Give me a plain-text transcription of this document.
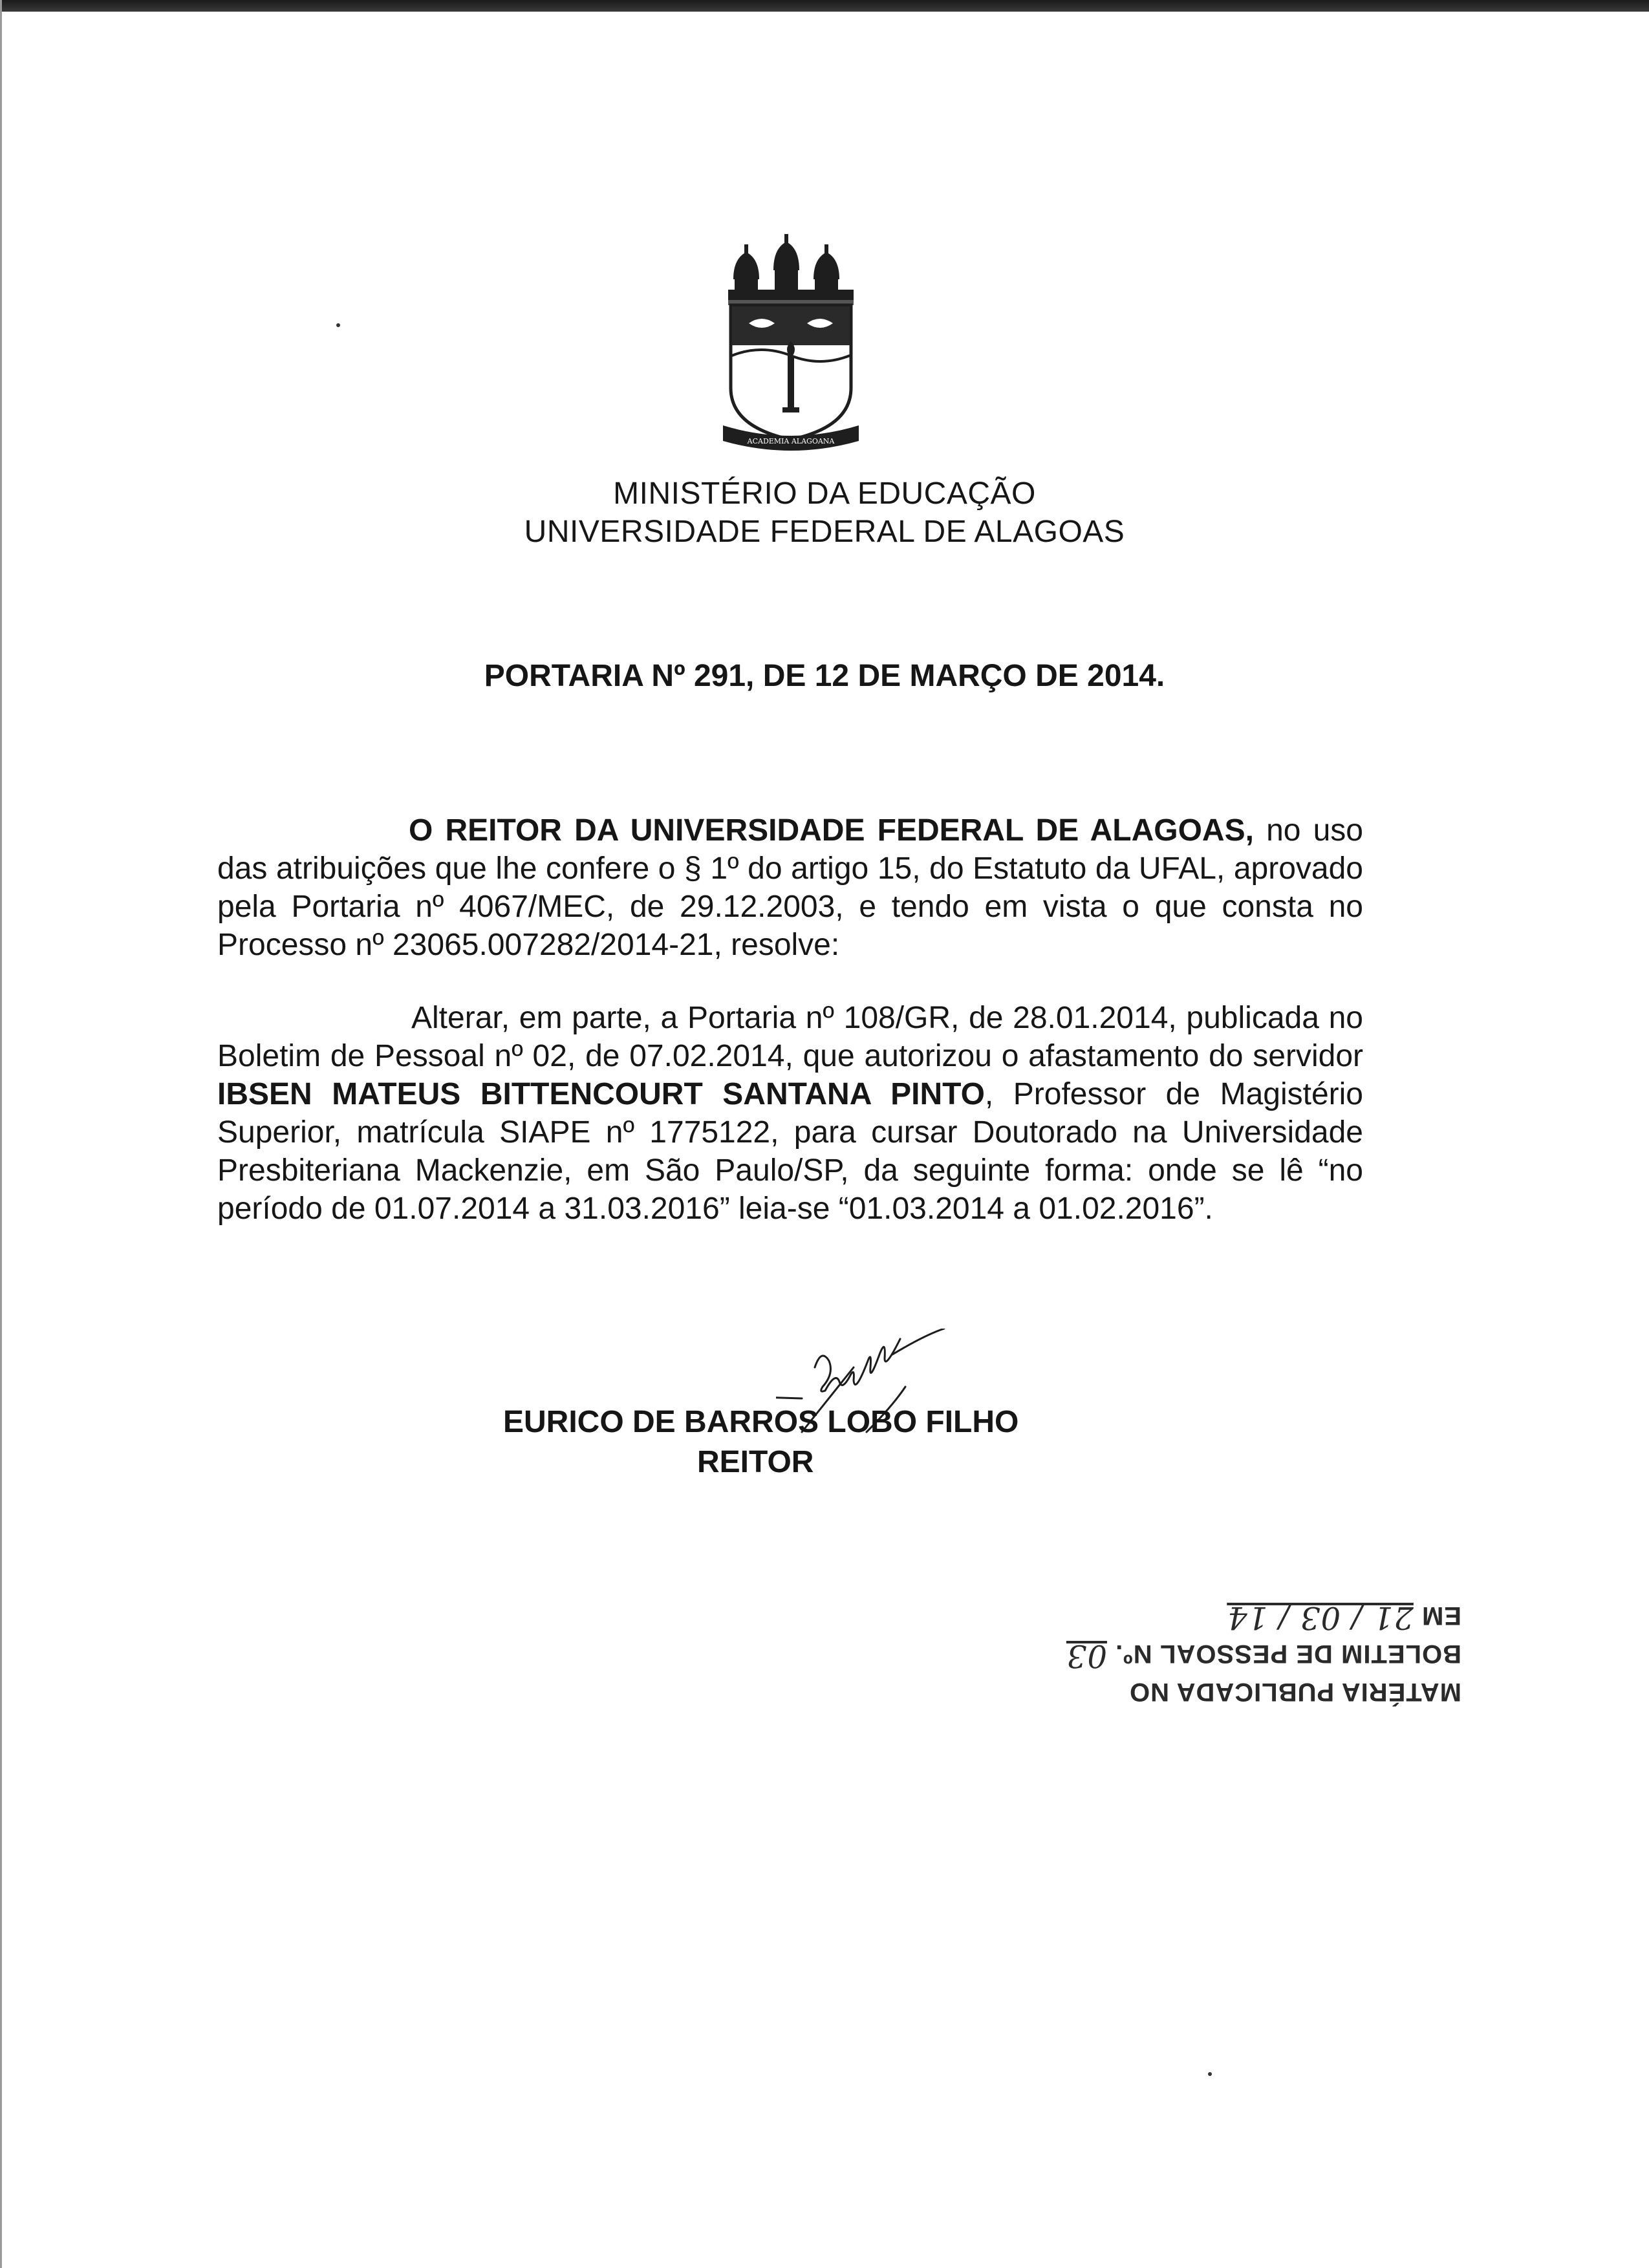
ACADEMIA ALAGOANA
MINISTÉRIO DA EDUCAÇÃO
UNIVERSIDADE FEDERAL DE ALAGOAS
PORTARIA Nº 291, DE 12 DE MARÇO DE 2014.
O REITOR DA UNIVERSIDADE FEDERAL DE ALAGOAS, no uso das atribuições que lhe confere o § 1º do artigo 15, do Estatuto da UFAL, aprovado pela Portaria nº 4067/MEC, de 29.12.2003, e tendo em vista o que consta no Processo nº 23065.007282/2014-21, resolve:
Alterar, em parte, a Portaria nº 108/GR, de 28.01.2014, publicada no Boletim de Pessoal nº 02, de 07.02.2014, que autorizou o afastamento do servidor IBSEN MATEUS BITTENCOURT SANTANA PINTO, Professor de Magistério Superior, matrícula SIAPE nº 1775122, para cursar Doutorado na Universidade Presbiteriana Mackenzie, em São Paulo/SP, da seguinte forma: onde se lê “no período de 01.07.2014 a 31.03.2016” leia-se “01.03.2014 a 01.02.2016”.
EURICO DE BARROS LOBO FILHO
REITOR
MATÉRIA PUBLICADA NO
BOLETIM DE PESSOAL Nº. 03
EM 21 / 03 / 14
